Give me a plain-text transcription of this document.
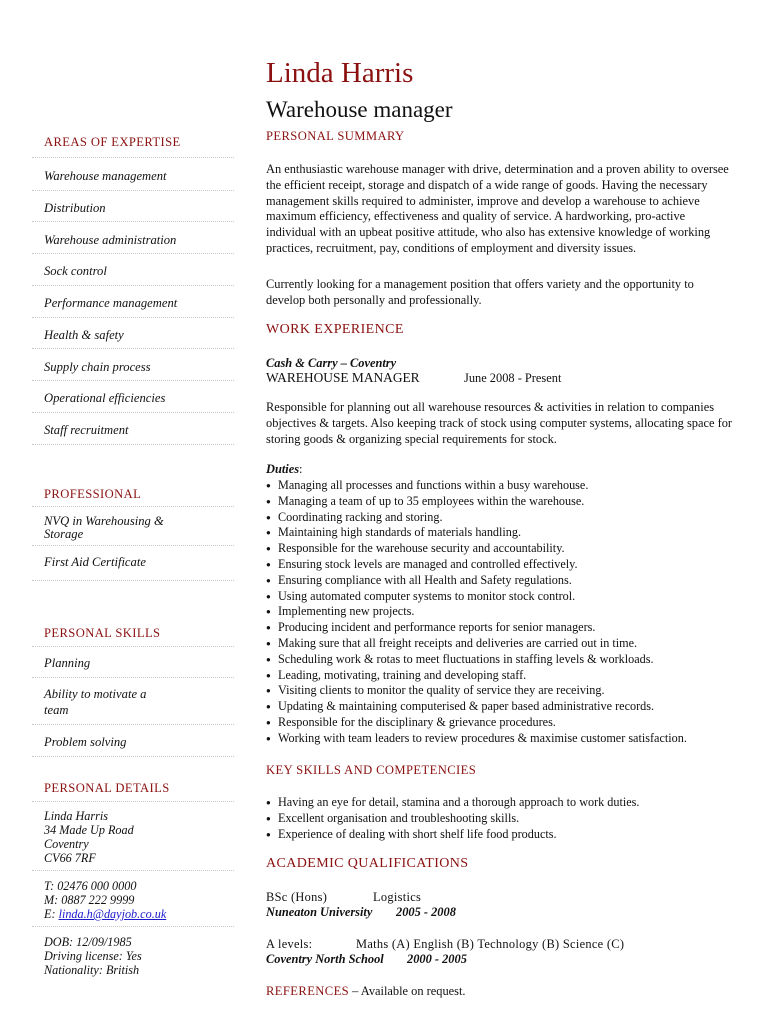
Linda Harris
Warehouse manager
AREAS OF EXPERTISE
Warehouse management
Distribution
Warehouse administration
Sock control
Performance management
Health & safety
Supply chain process
Operational efficiencies
Staff recruitment
PROFESSIONAL
NVQ in Warehousing &
Storage
First Aid Certificate
PERSONAL SKILLS
Planning
Ability to motivate a
team
Problem solving
PERSONAL DETAILS
Linda Harris
34 Made Up Road
Coventry
CV66 7RF
T: 02476 000 0000
M: 0887 222 9999
E: linda.h@dayjob.co.uk
DOB: 12/09/1985
Driving license: Yes
Nationality: British
PERSONAL SUMMARY
An enthusiastic warehouse manager with drive, determination and a proven ability to oversee the efficient receipt, storage and dispatch of a wide range of goods. Having the necessary management skills required to administer, improve and develop a warehouse to achieve maximum efficiency, effectiveness and quality of service. A hardworking, pro-active individual with an upbeat positive attitude, who also has extensive knowledge of working practices, recruitment, pay, conditions of employment and diversity issues.
Currently looking for a management position that offers variety and the opportunity to develop both personally and professionally.
WORK EXPERIENCE
Cash & Carry – Coventry
WAREHOUSE MANAGER	June 2008 - Present
Responsible for planning out all warehouse resources & activities in relation to companies objectives & targets. Also keeping track of stock using computer systems, allocating space for storing goods & organizing special requirements for stock.
Duties:
● Managing all processes and functions within a busy warehouse.
● Managing a team of up to 35 employees within the warehouse.
● Coordinating racking and storing.
● Maintaining high standards of materials handling.
● Responsible for the warehouse security and accountability.
● Ensuring stock levels are managed and controlled effectively.
● Ensuring compliance with all Health and Safety regulations.
● Using automated computer systems to monitor stock control.
● Implementing new projects.
● Producing incident and performance reports for senior managers.
● Making sure that all freight receipts and deliveries are carried out in time.
● Scheduling work & rotas to meet fluctuations in staffing levels & workloads.
● Leading, motivating, training and developing staff.
● Visiting clients to monitor the quality of service they are receiving.
● Updating & maintaining computerised & paper based administrative records.
● Responsible for the disciplinary & grievance procedures.
● Working with team leaders to review procedures & maximise customer satisfaction.
KEY SKILLS AND COMPETENCIES
● Having an eye for detail, stamina and a thorough approach to work duties.
● Excellent organisation and troubleshooting skills.
● Experience of dealing with short shelf life food products.
ACADEMIC QUALIFICATIONS
BSc (Hons)	Logistics
Nuneaton University 2005 - 2008
A levels:	Maths (A) English (B) Technology (B) Science (C)
Coventry North School 2000 - 2005
REFERENCES – Available on request.
